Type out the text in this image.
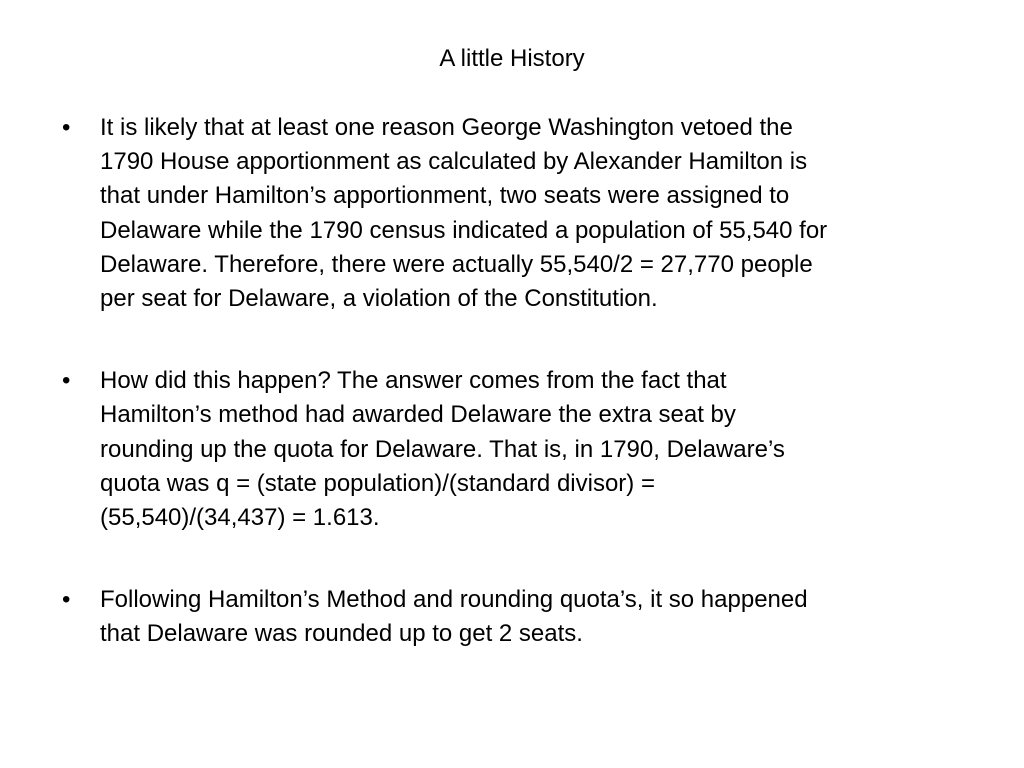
A little History
•	It is likely that at least one reason George Washington vetoed the
1790 House apportionment as calculated by Alexander Hamilton is
that under Hamilton’s apportionment, two seats were assigned to
Delaware while the 1790 census indicated a population of 55,540 for
Delaware. Therefore, there were actually 55,540/2 = 27,770 people
per seat for Delaware, a violation of the Constitution.
•	How did this happen? The answer comes from the fact that
Hamilton’s method had awarded Delaware the extra seat by
rounding up the quota for Delaware. That is, in 1790, Delaware’s
quota was q = (state population)/(standard divisor) =
(55,540)/(34,437) = 1.613.
•	Following Hamilton’s Method and rounding quota’s, it so happened
that Delaware was rounded up to get 2 seats.
